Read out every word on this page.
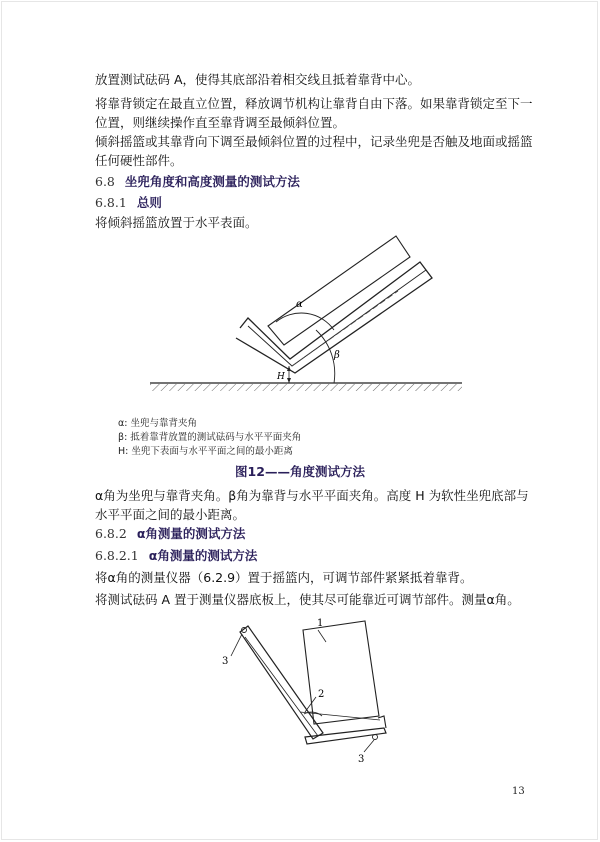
放置测试砝码 A，使得其底部沿着相交线且抵着靠背中心。

将靠背锁定在最直立位置，释放调节机构让靠背自由下落。如果靠背锁定至下一位置，则继续操作直至靠背调至最倾斜位置。

倾斜摇篮或其靠背向下调至最倾斜位置的过程中，记录坐兜是否触及地面或摇篮任何硬性部件。

6.8 坐兜角度和高度测量的测试方法

6.8.1 总则

将倾斜摇篮放置于水平表面。

α
β
H
1
2
3
3

α: 坐兜与靠背夹角

β: 抵着靠背放置的测试砝码与水平平面夹角

H: 坐兜下表面与水平平面之间的最小距离

图12——角度测试方法

α角为坐兜与靠背夹角。β角为靠背与水平平面夹角。高度 H 为软性坐兜底部与水平平面之间的最小距离。

6.8.2 α角测量的测试方法

6.8.2.1 α角测量的测试方法

将α角的测量仪器（6.2.9）置于摇篮内，可调节部件紧紧抵着靠背。

将测试砝码 A 置于测量仪器底板上，使其尽可能靠近可调节部件。测量α角。

13
